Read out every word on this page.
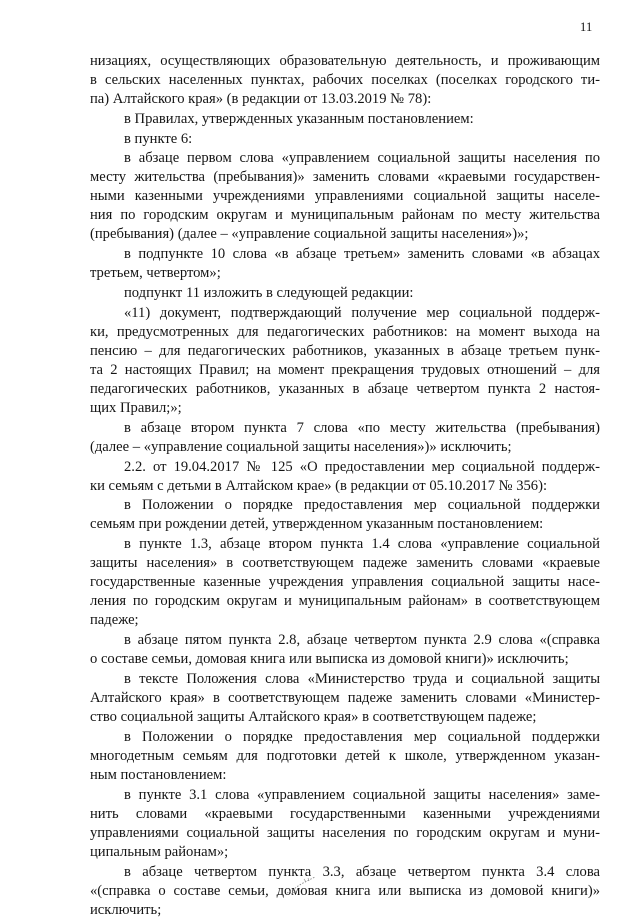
11
низациях, осуществляющих образовательную деятельность, и проживающим
в сельских населенных пунктах, рабочих поселках (поселках городского ти-
па) Алтайского края» (в редакции от 13.03.2019 № 78):
в Правилах, утвержденных указанным постановлением:
в пункте 6:
в абзаце первом слова «управлением социальной защиты населения по
месту жительства (пребывания)» заменить словами «краевыми государствен-
ными казенными учреждениями управлениями социальной защиты населе-
ния по городским округам и муниципальным районам по месту жительства
(пребывания) (далее – «управление социальной защиты населения»)»;
в подпункте 10 слова «в абзаце третьем» заменить словами «в абзацах
третьем, четвертом»;
подпункт 11 изложить в следующей редакции:
«11) документ, подтверждающий получение мер социальной поддерж-
ки, предусмотренных для педагогических работников: на момент выхода на
пенсию – для педагогических работников, указанных в абзаце третьем пунк-
та 2 настоящих Правил; на момент прекращения трудовых отношений – для
педагогических работников, указанных в абзаце четвертом пункта 2 настоя-
щих Правил;»;
в абзаце втором пункта 7 слова «по месту жительства (пребывания)
(далее – «управление социальной защиты населения»)» исключить;
2.2. от 19.04.2017 № 125 «О предоставлении мер социальной поддерж-
ки семьям с детьми в Алтайском крае» (в редакции от 05.10.2017 № 356):
в Положении о порядке предоставления мер социальной поддержки
семьям при рождении детей, утвержденном указанным постановлением:
в пункте 1.3, абзаце втором пункта 1.4 слова «управление социальной
защиты населения» в соответствующем падеже заменить словами «краевые
государственные казенные учреждения управления социальной защиты насе-
ления по городским округам и муниципальным районам» в соответствующем
падеже;
в абзаце пятом пункта 2.8, абзаце четвертом пункта 2.9 слова «(справка
о составе семьи, домовая книга или выписка из домовой книги)» исключить;
в тексте Положения слова «Министерство труда и социальной защиты
Алтайского края» в соответствующем падеже заменить словами «Министер-
ство социальной защиты Алтайского края» в соответствующем падеже;
в Положении о порядке предоставления мер социальной поддержки
многодетным семьям для подготовки детей к школе, утвержденном указан-
ным постановлением:
в пункте 3.1 слова «управлением социальной защиты населения» заме-
нить словами «краевыми государственными казенными учреждениями
управлениями социальной защиты населения по городским округам и муни-
ципальным районам»;
в абзаце четвертом пункта 3.3, абзаце четвертом пункта 3.4 слова
«(справка о составе семьи, домовая книга или выписка из домовой книги)»
исключить;
